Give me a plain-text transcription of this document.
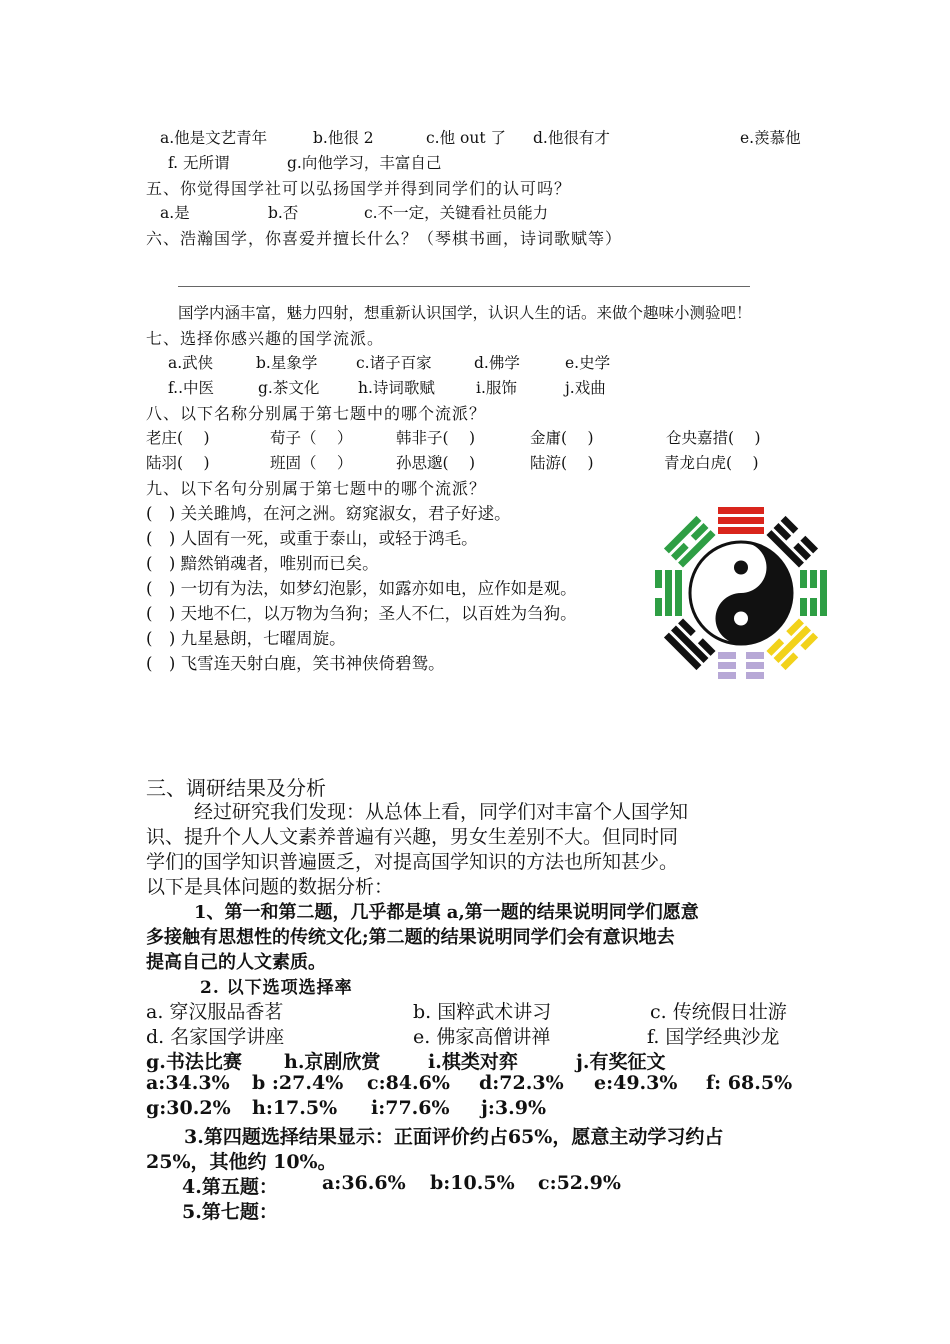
a.他是文艺青年	b.他很 2	c.他 out 了 d.他很有才	e.羡慕他
f. 无所谓	g.向他学习，丰富自己
五、你觉得国学社可以弘扬国学并得到同学们的认可吗？
a.是	b.否	c.不一定，关键看社员能力
六、浩瀚国学，你喜爱并擅长什么？（琴棋书画，诗词歌赋等）
国学内涵丰富，魅力四射，想重新认识国学，认识人生的话。来做个趣味小测验吧！
七、选择你感兴趣的国学流派。
a.武侠	b.星象学 c.诸子百家	d.佛学	e.史学
f..中医	g.茶文化 h.诗词歌赋	i.服饰	j.戏曲
八、以下名称分别属于第七题中的哪个流派？
老庄(　 )	荀子（　 ）	韩非子(　 )	金庸(　 )	仓央嘉措(　 )
陆羽(　 )	班固（　 ）	孙思邈(　 )	陆游(　 )	青龙白虎(　 )
九、以下名句分别属于第七题中的哪个流派？
(　) 关关雎鸠，在河之洲。窈窕淑女，君子好逑。
(　) 人固有一死，或重于泰山，或轻于鸿毛。
(　) 黯然销魂者，唯别而已矣。
(　) 一切有为法，如梦幻泡影，如露亦如电，应作如是观。
(　) 天地不仁，以万物为刍狗；圣人不仁，以百姓为刍狗。
(　) 九星悬朗，七曜周旋。
(　) 飞雪连天射白鹿，笑书神侠倚碧鸳。
三、调研结果及分析
经过研究我们发现：从总体上看，同学们对丰富个人国学知
识、提升个人人文素养普遍有兴趣，男女生差别不大。但同时同
学们的国学知识普遍匮乏，对提高国学知识的方法也所知甚少。
以下是具体问题的数据分析：
1、第一和第二题，几乎都是填 a,第一题的结果说明同学们愿意
多接触有思想性的传统文化;第二题的结果说明同学们会有意识地去
提高自己的人文素质。
2. 以下选项选择率
a. 穿汉服品香茗	b. 国粹武术讲习	c. 传统假日壮游
d. 名家国学讲座	e. 佛家高僧讲禅	f. 国学经典沙龙
g.书法比赛 h.京剧欣赏	i.棋类对弈	j.有奖征文
a:34.3% b :27.4% c:84.6% d:72.3% e:49.3% f: 68.5%
g:30.2% h:17.5% i:77.6% j:3.9%
3.第四题选择结果显示：正面评价约占65%，愿意主动学习约占
25%，其他约 10%。
4.第五题： a:36.6% b:10.5% c:52.9%
5.第七题：
